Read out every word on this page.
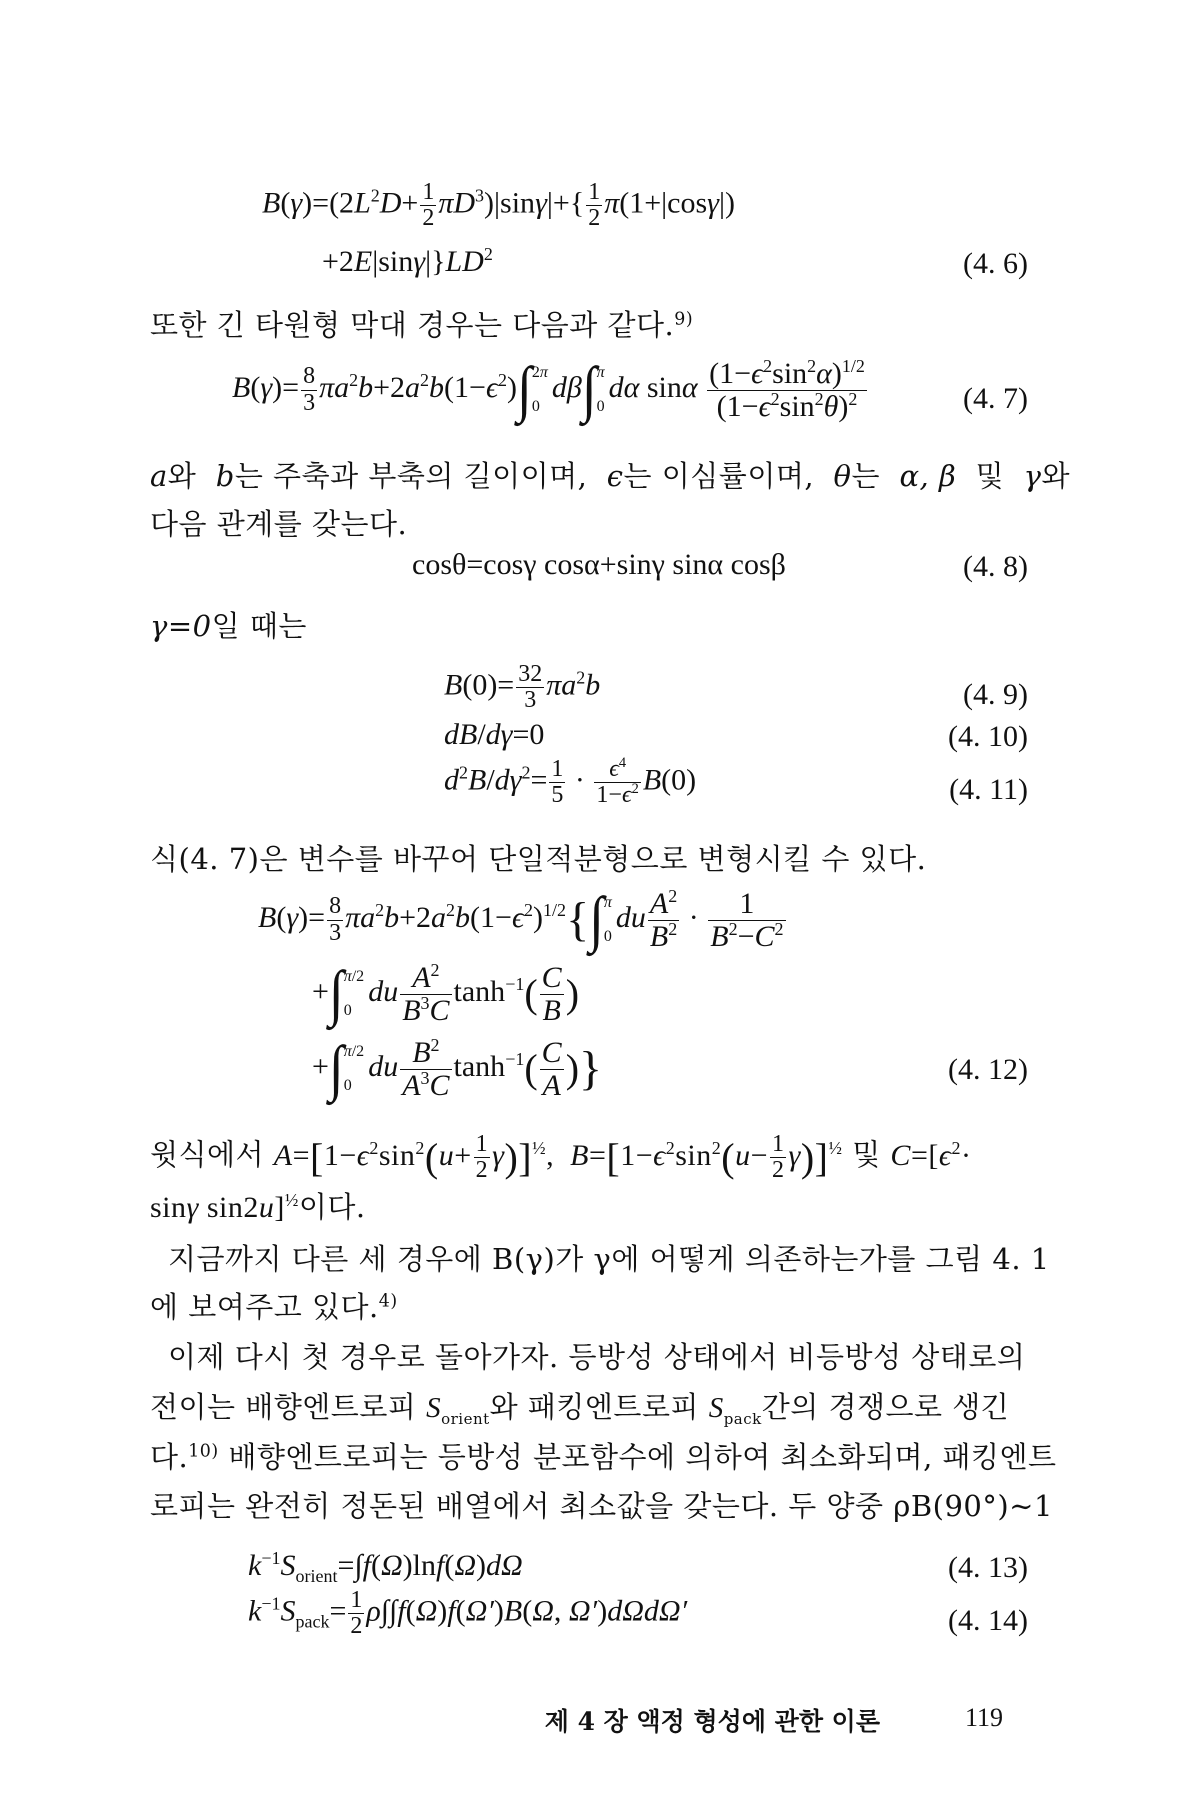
$B(\gamma)=(2L^2D+ \frac{1}{2} \pi D^3)|\sin\gamma|+\{ \frac{1}{2} \pi(1+|\cos\gamma|)$
$+2E|\sin\gamma|\}LD^2$	(4. 6)
또한 긴 타원형 막대 경우는 다음과 같다.$^{9)}$
$B(\gamma)= \frac{8}{3} \pi a^2b+2a^2b(1-\epsilon^2)\int$ 2π
0
dβ∫ π
0
dα sinα $\frac{(1-\epsilon^2\sin^2\alpha)^{1/2}}{(1-\epsilon^2\sin^2\theta)^2}$	(4. 7)
a와 b는 주축과 부축의 길이이며, ϵ는 이심률이며, θ는 α, β 및 γ와
다음 관계를 갖는다.
cosθ=cosγ cosα+sinγ sinα cosβ	(4. 8)
γ=0일 때는
$B(0)= \frac{32}{3} \pi a^2b$	(4. 9)
dB/dγ=0	(4. 10)
$d^2B/d\gamma^2= \frac{1}{5} \cdot \frac{\epsilon^4}{1-\epsilon^2} B(0)$	(4. 11)
식(4. 7)은 변수를 바꾸어 단일적분형으로 변형시킬 수 있다.
$B(\gamma)= \frac{8}{3} \pi a^2b+2a^2b(1-\epsilon^2)^{1/2}\{\int$ π
0
du $\frac{A^2}{B^2} \cdot \frac{1}{B^2-C^2}$
+∫ π/2
0
du $\frac{A^2}{B^3C} \tanh^{-1}( \frac{C}{B}$ )
+∫ π/2
0
du $\frac{B^2}{A^3C} \tanh^{-1}( \frac{C}{A}$ )}	(4. 12)
윗식에서 $A=[1-\epsilon^2\sin^2(u+ \frac{1}{2} \gamma)]^{\frac{1}{2}}$,  $B=[1-\epsilon^2\sin^2(u- \frac{1}{2} \gamma)]^{\frac{1}{2}}$ 및 $C=[\epsilon^2\cdot$
sinγ sin2u]$^{\frac{1}{2}}$이다.
지금까지 다른 세 경우에 B(γ)가 γ에 어떻게 의존하는가를 그림 4. 1
에 보여주고 있다.$^{4)}$
이제 다시 첫 경우로 돌아가자. 등방성 상태에서 비등방성 상태로의
전이는 배향엔트로피 $S_{orient}$와 패킹엔트로피 $S_{pack}$간의 경쟁으로 생긴
다.$^{10)}$ 배향엔트로피는 등방성 분포함수에 의하여 최소화되며, 패킹엔트
로피는 완전히 정돈된 배열에서 최소값을 갖는다. 두 양중 ρB(90°)∼1
$k^{-1}S_{orient}=\int f(\Omega)\ln f(\Omega)d\Omega$	(4. 13)
$k^{-1}S_{pack}= \frac{1}{2} \rho\int\int f(\Omega)f(\Omega')B(\Omega$, Ω′)dΩdΩ′	(4. 14)
제 4 장 액정 형성에 관한 이론	119
